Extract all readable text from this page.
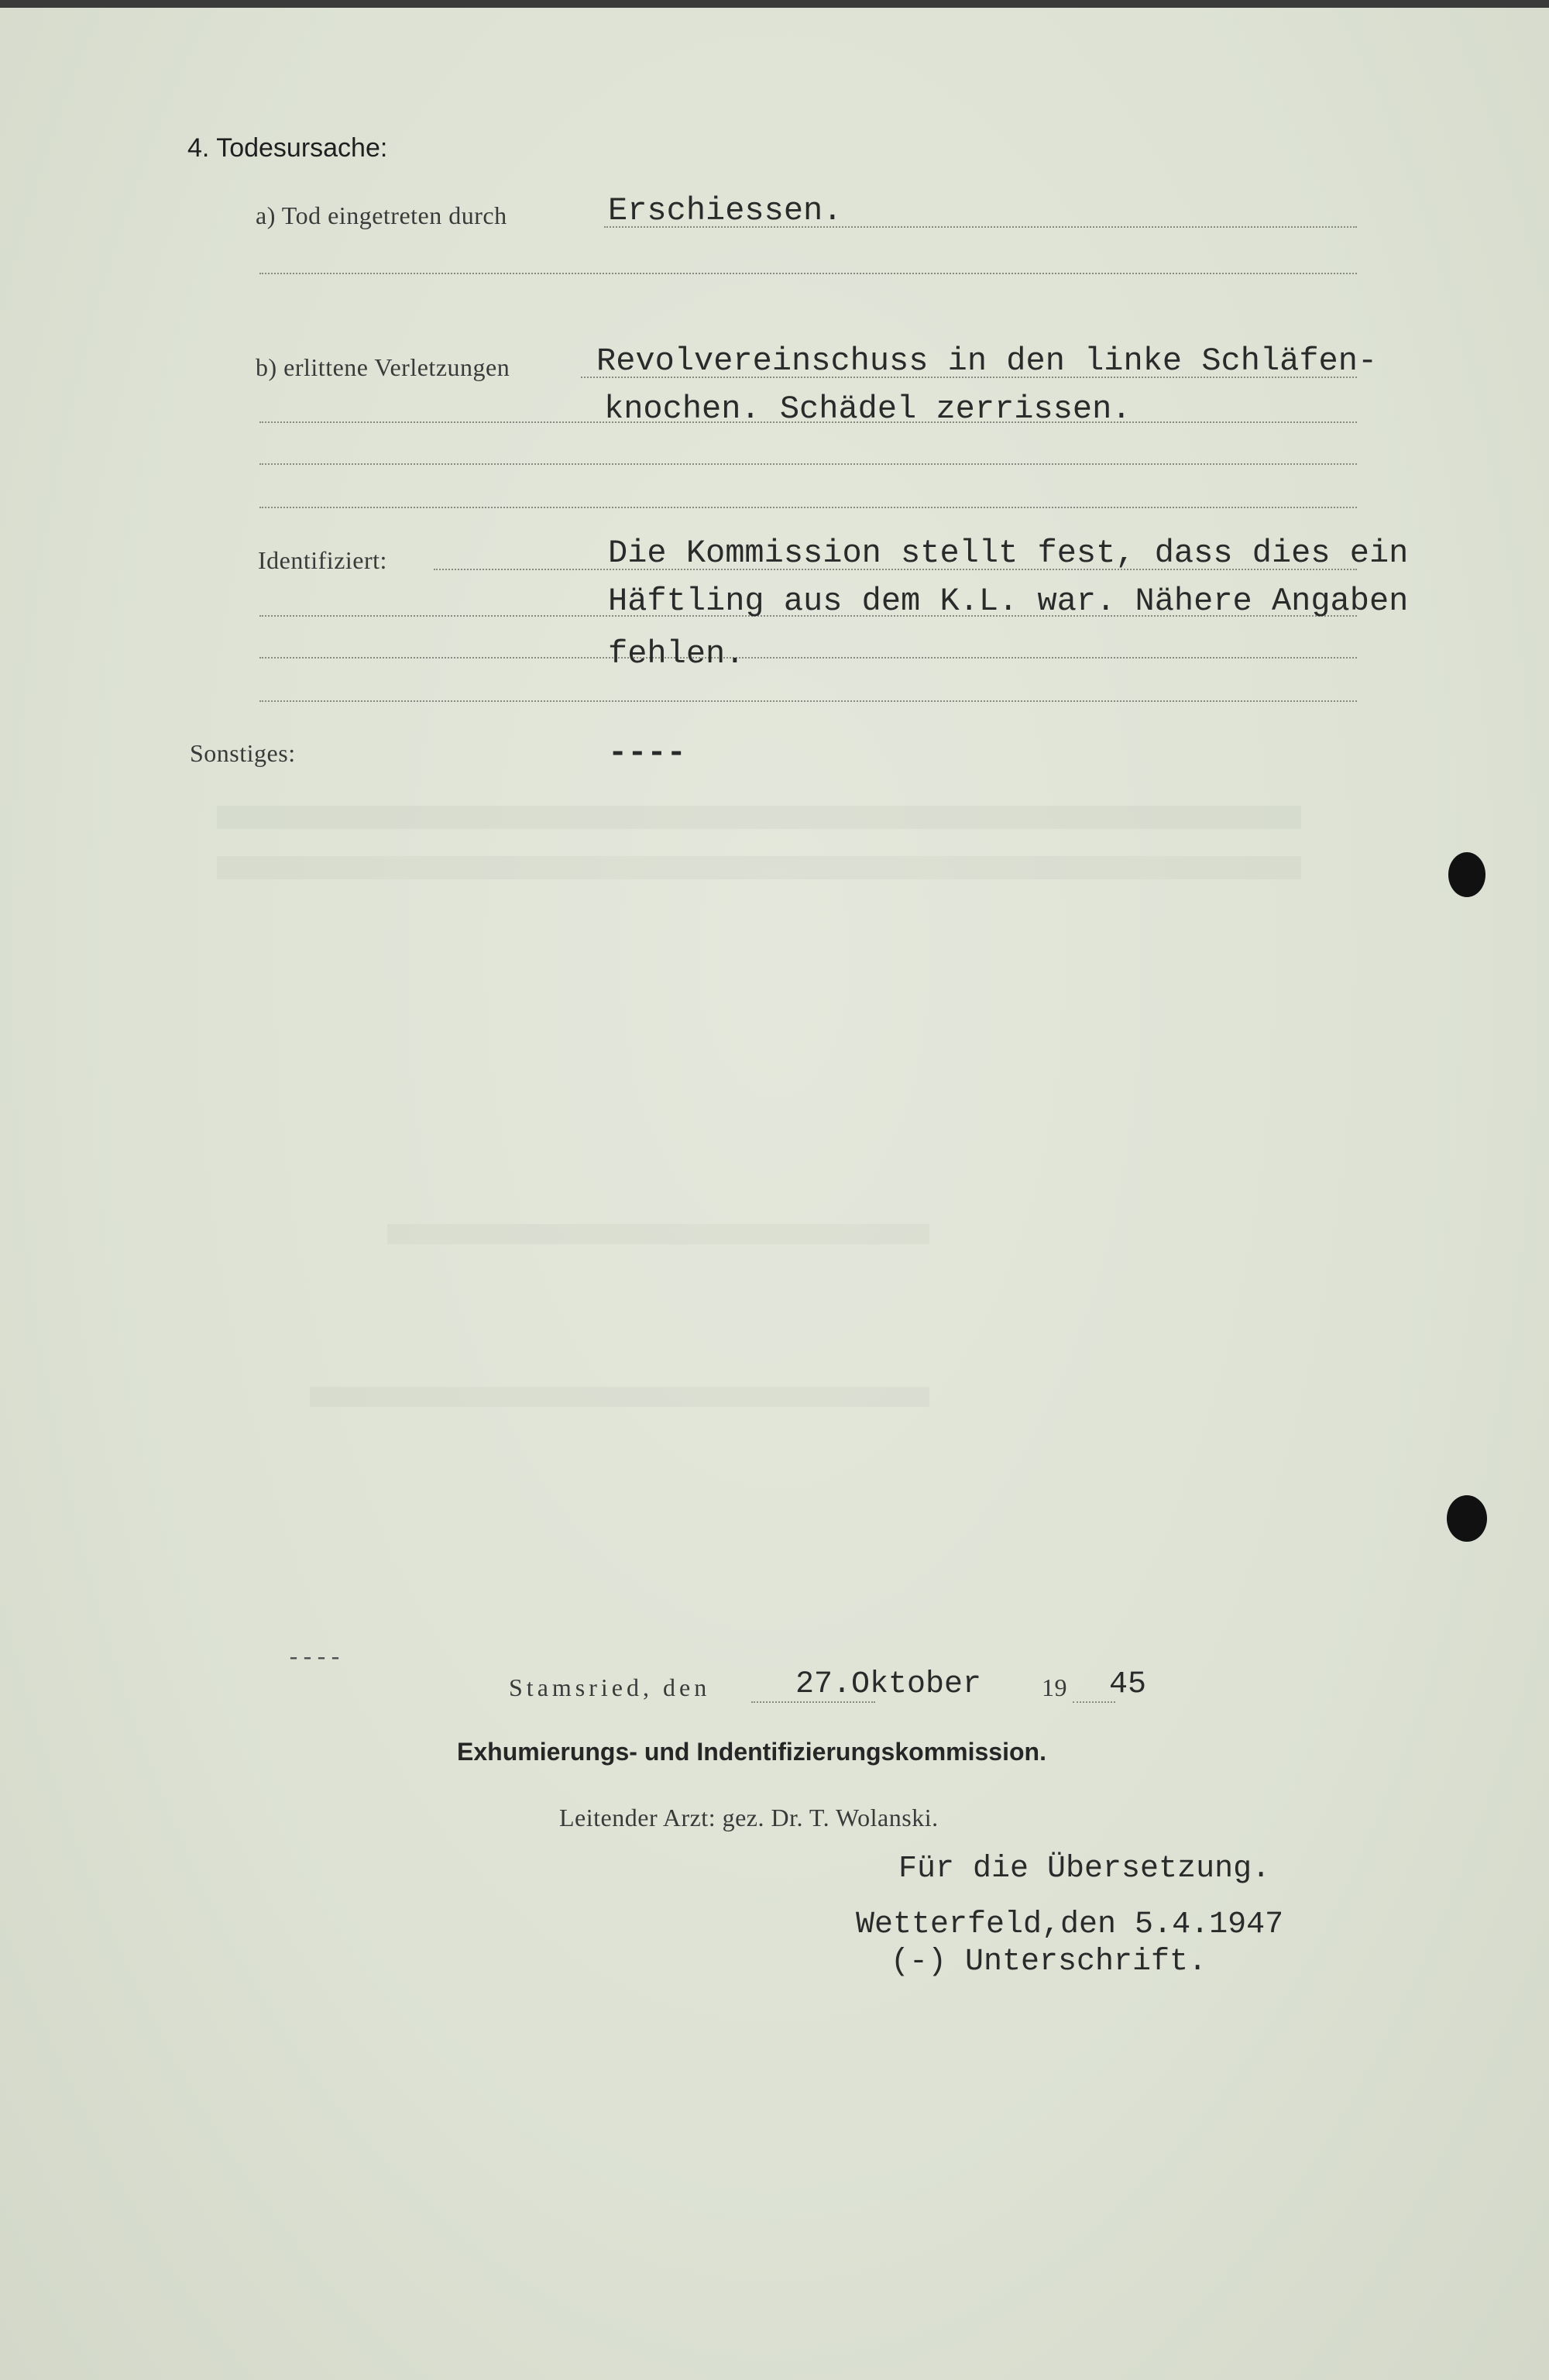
4. Todesursache:
a) Tod eingetreten durch	Erschiessen.
b) erlittene Verletzungen	Revolvereinschuss in den linke Schläfen-
knochen. Schädel zerrissen.
Identifiziert:	Die Kommission stellt fest, dass dies ein
Häftling aus dem K.L. war. Nähere Angaben
fehlen.
Sonstiges:	----
----
Stamsried, den	27.Oktober 19 45
Exhumierungs- und Indentifizierungskommission.
Leitender Arzt: gez. Dr. T. Wolanski.
Für die Übersetzung.
Wetterfeld,den 5.4.1947
(-) Unterschrift.
